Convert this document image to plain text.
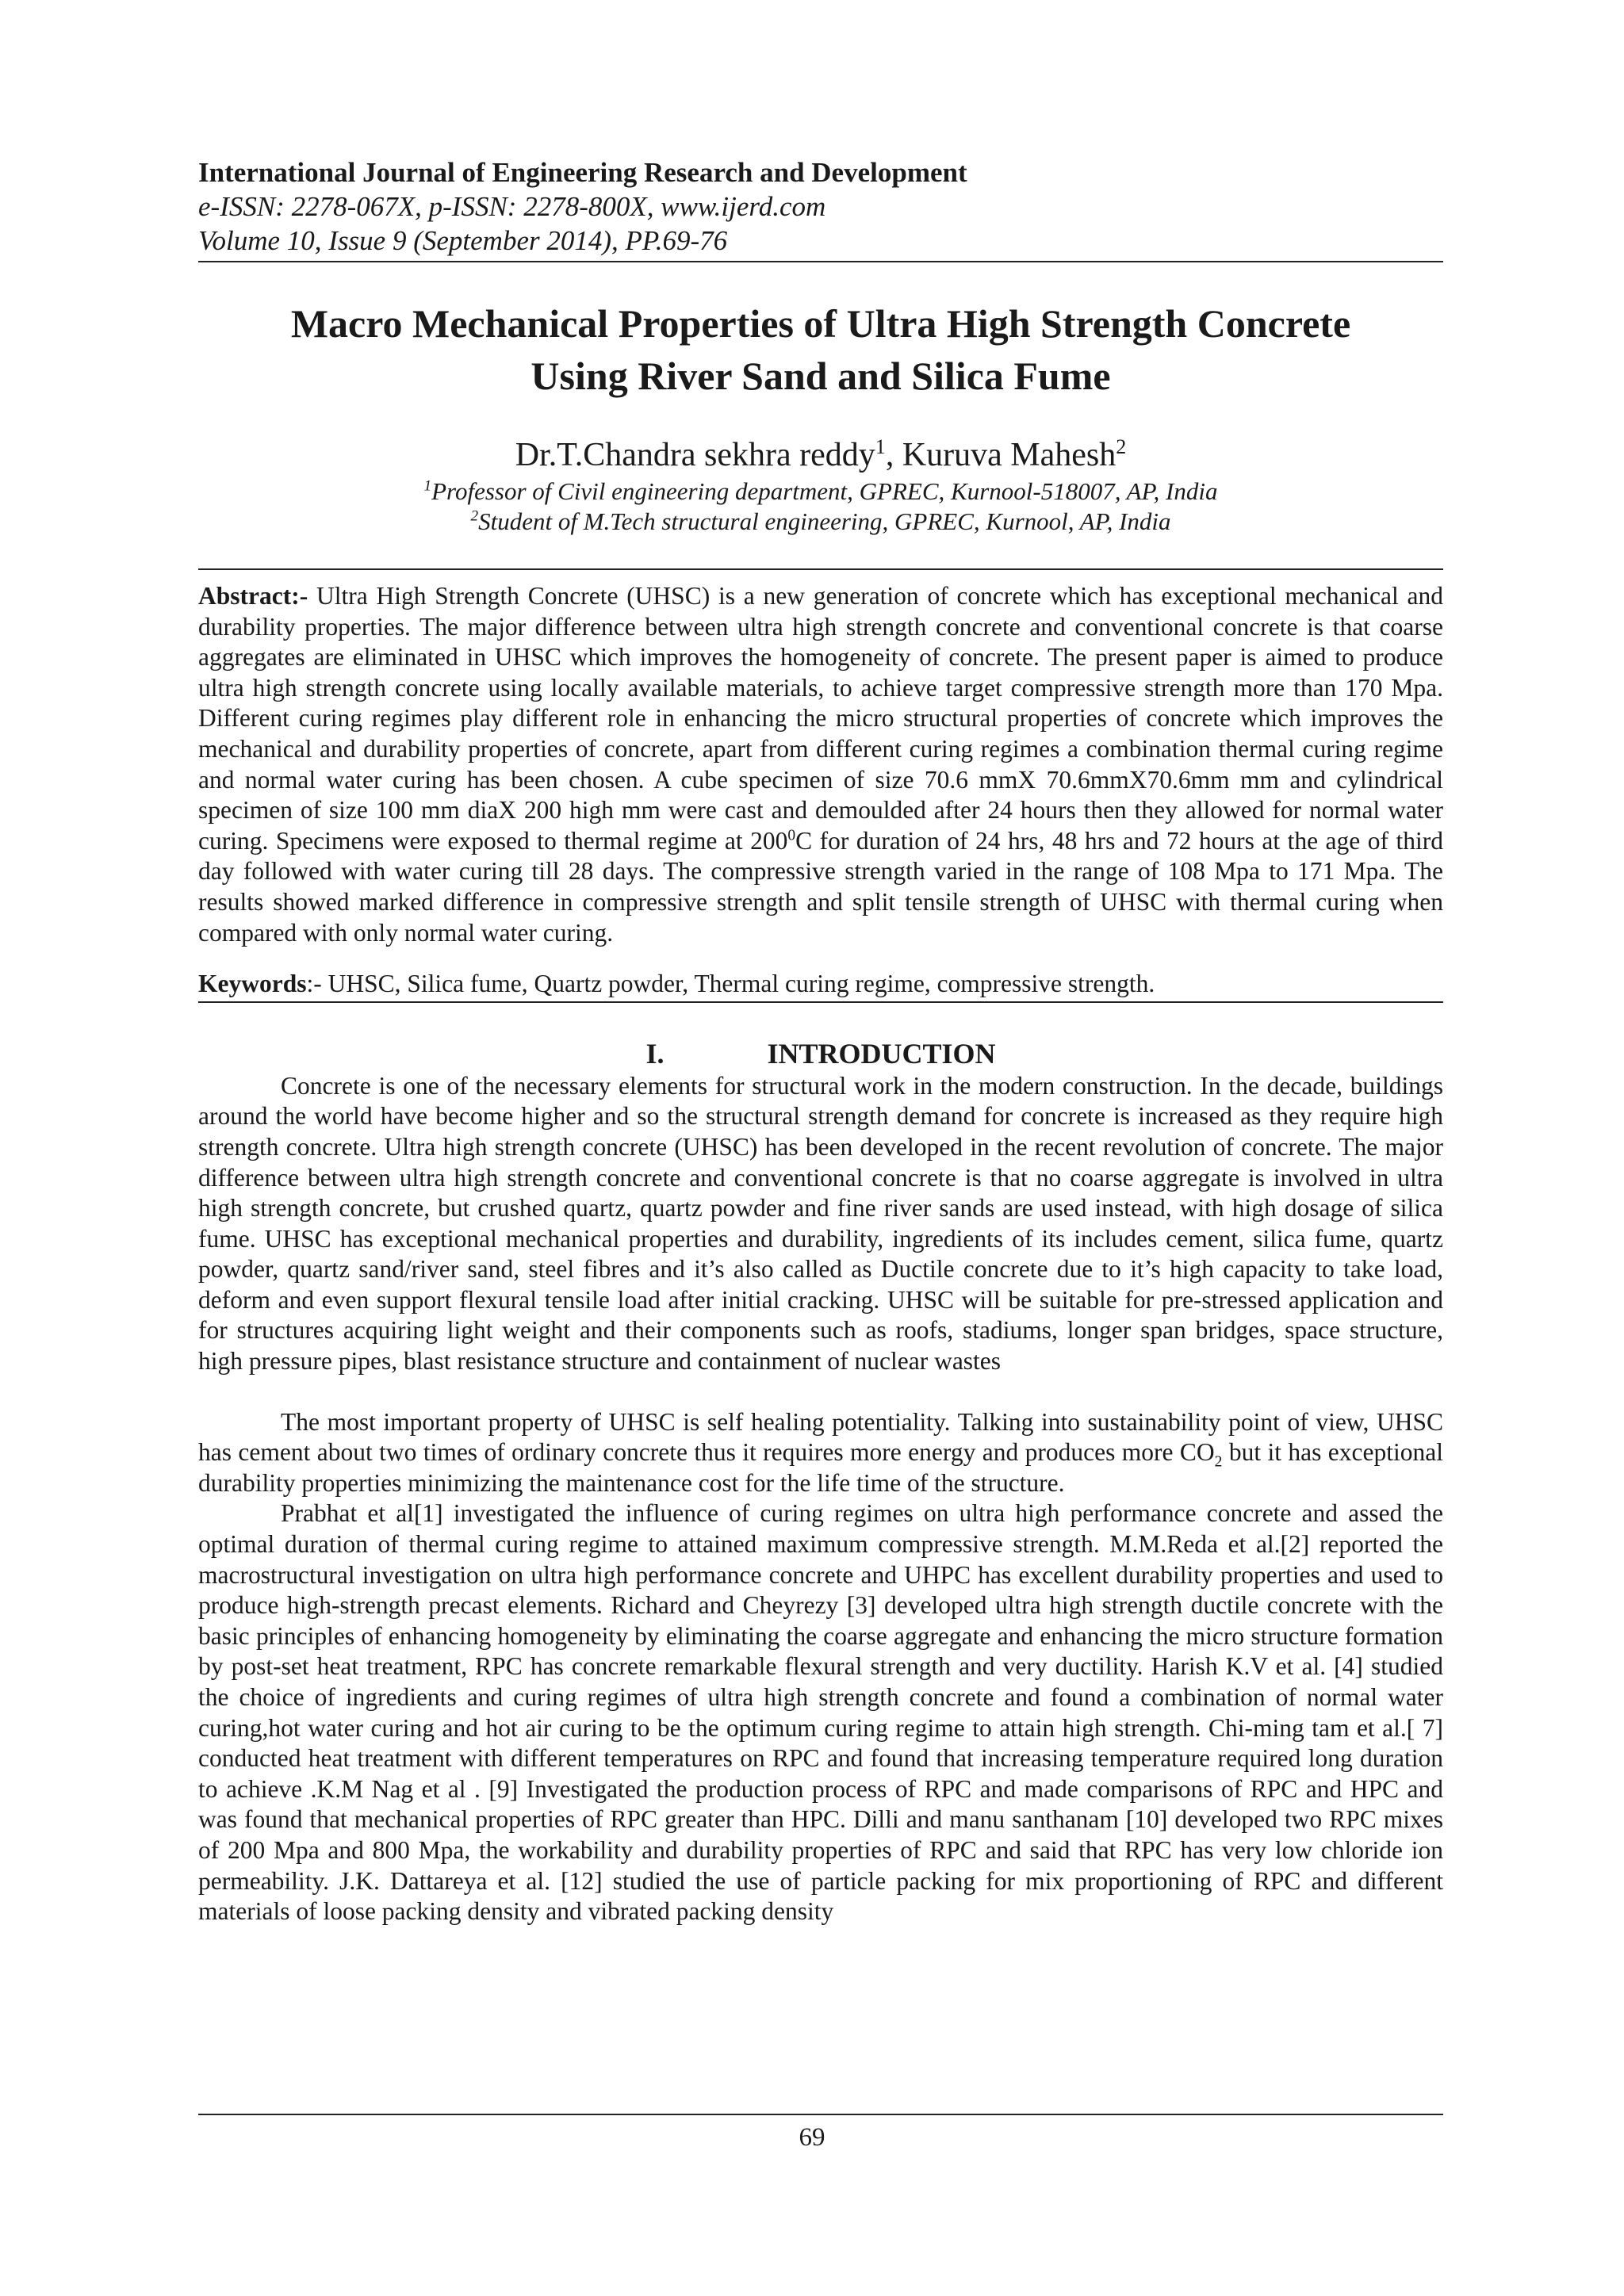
International Journal of Engineering Research and Development
e-ISSN: 2278-067X, p-ISSN: 2278-800X, www.ijerd.com
Volume 10, Issue 9 (September 2014), PP.69-76
Macro Mechanical Properties of Ultra High Strength Concrete
Using River Sand and Silica Fume
Dr.T.Chandra sekhra reddy$^1$, Kuruva Mahesh$^2$
$^1$Professor of Civil engineering department, GPREC, Kurnool-518007, AP, India
$^2$Student of M.Tech structural engineering, GPREC, Kurnool, AP, India
Abstract:- Ultra High Strength Concrete (UHSC) is a new generation of concrete which has exceptional mechanical and durability properties. The major difference between ultra high strength concrete and conventional concrete is that coarse aggregates are eliminated in UHSC which improves the homogeneity of concrete. The present paper is aimed to produce ultra high strength concrete using locally available materials, to achieve target compressive strength more than 170 Mpa. Different curing regimes play different role in enhancing the micro structural properties of concrete which improves the mechanical and durability properties of concrete, apart from different curing regimes a combination thermal curing regime and normal water curing has been chosen. A cube specimen of size 70.6 mmX 70.6mmX70.6mm mm and cylindrical specimen of size 100 mm diaX 200 high mm were cast and demoulded after 24 hours then they allowed for normal water curing. Specimens were exposed to thermal regime at $200^0C$ for duration of 24 hrs, 48 hrs and 72 hours at the age of third day followed with water curing till 28 days. The compressive strength varied in the range of 108 Mpa to 171 Mpa. The results showed marked difference in compressive strength and split tensile strength of UHSC with thermal curing when compared with only normal water curing.
Keywords:- UHSC, Silica fume, Quartz powder, Thermal curing regime, compressive strength.
I.	INTRODUCTION
Concrete is one of the necessary elements for structural work in the modern construction. In the decade, buildings around the world have become higher and so the structural strength demand for concrete is increased as they require high strength concrete. Ultra high strength concrete (UHSC) has been developed in the recent revolution of concrete. The major difference between ultra high strength concrete and conventional concrete is that no coarse aggregate is involved in ultra high strength concrete, but crushed quartz, quartz powder and fine river sands are used instead, with high dosage of silica fume. UHSC has exceptional mechanical properties and durability, ingredients of its includes cement, silica fume, quartz powder, quartz sand/river sand, steel fibres and it’s also called as Ductile concrete due to it’s high capacity to take load, deform and even support flexural tensile load after initial cracking. UHSC will be suitable for pre-stressed application and for structures acquiring light weight and their components such as roofs, stadiums, longer span bridges, space structure, high pressure pipes, blast resistance structure and containment of nuclear wastes
The most important property of UHSC is self healing potentiality. Talking into sustainability point of view, UHSC has cement about two times of ordinary concrete thus it requires more energy and produces more $CO_2$ but it has exceptional durability properties minimizing the maintenance cost for the life time of the structure.
Prabhat et al[1] investigated the influence of curing regimes on ultra high performance concrete and assed the optimal duration of thermal curing regime to attained maximum compressive strength. M.M.Reda et al.[2] reported the macrostructural investigation on ultra high performance concrete and UHPC has excellent durability properties and used to produce high-strength precast elements. Richard and Cheyrezy [3] developed ultra high strength ductile concrete with the basic principles of enhancing homogeneity by eliminating the coarse aggregate and enhancing the micro structure formation by post-set heat treatment, RPC has concrete remarkable flexural strength and very ductility. Harish K.V et al. [4] studied the choice of ingredients and curing regimes of ultra high strength concrete and found a combination of normal water curing,hot water curing and hot air curing to be the optimum curing regime to attain high strength. Chi-ming tam et al.[ 7] conducted heat treatment with different temperatures on RPC and found that increasing temperature required long duration to achieve .K.M Nag et al . [9] Investigated the production process of RPC and made comparisons of RPC and HPC and was found that mechanical properties of RPC greater than HPC. Dilli and manu santhanam [10] developed two RPC mixes of 200 Mpa and 800 Mpa, the workability and durability properties of RPC and said that RPC has very low chloride ion permeability. J.K. Dattareya et al. [12] studied the use of particle packing for mix proportioning of RPC and different materials of loose packing density and vibrated packing density
69
